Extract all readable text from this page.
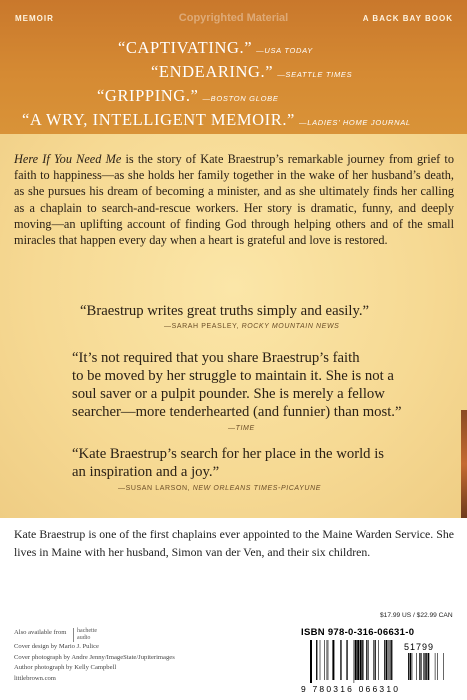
MEMOIR	Copyrighted Material	A BACK BAY BOOK
“CAPTIVATING.” —USA TODAY
“ENDEARING.” —SEATTLE TIMES
“GRIPPING.” —BOSTON GLOBE
“A WRY, INTELLIGENT MEMOIR.” —LADIES’ HOME JOURNAL
Here If You Need Me is the story of Kate Braestrup’s remarkable journey from grief to faith to happiness—as she holds her family together in the wake of her husband’s death, as she pursues his dream of becoming a minister, and as she ultimately finds her calling as a chaplain to search-and-rescue workers. Her story is dramatic, funny, and deeply moving—an uplifting account of finding God through helping others and of the small miracles that happen every day when a heart is grateful and love is restored.
“Braestrup writes great truths simply and easily.”
—SARAH PEASLEY, ROCKY MOUNTAIN NEWS
“It’s not required that you share Braestrup’s faith
to be moved by her struggle to maintain it. She is not a
soul saver or a pulpit pounder. She is merely a fellow
searcher—more tenderhearted (and funnier) than most.”
—TIME
“Kate Braestrup’s search for her place in the world is
an inspiration and a joy.”
—SUSAN LARSON, NEW ORLEANS TIMES-PICAYUNE
Kate Braestrup is one of the first chaplains ever appointed to the Maine Warden Service. She lives in Maine with her husband, Simon van der Ven, and their six children.
Also available from hachette
audio
Cover design by Mario J. Pulice
Cover photograph by Andre Jenny/ImageState/Jupiterimages
Author photograph by Kelly Campbell
littlebrown.com
$17.99 US / $22.99 CAN
ISBN 978-0-316-06631-0
51799
9 780316 066310
